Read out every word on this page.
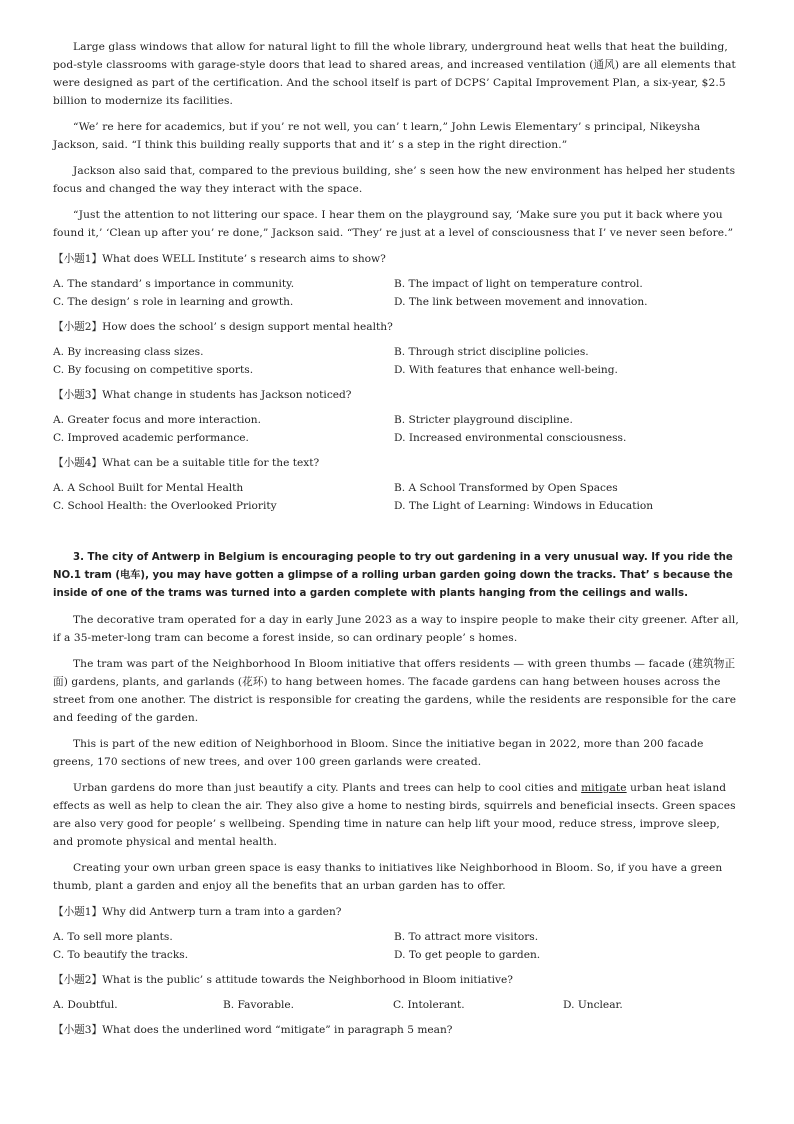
Large glass windows that allow for natural light to fill the whole library, underground heat wells that heat the building, pod-style classrooms with garage-style doors that lead to shared areas, and increased ventilation (通风) are all elements that were designed as part of the certification. And the school itself is part of DCPS’ Capital Improvement Plan, a six-year, $2.5 billion to modernize its facilities.

“We’ re here for academics, but if you’ re not well, you can’ t learn,” John Lewis Elementary’ s principal, Nikeysha Jackson, said. “I think this building really supports that and it’ s a step in the right direction.”

Jackson also said that, compared to the previous building, she’ s seen how the new environment has helped her students focus and changed the way they interact with the space.

“Just the attention to not littering our space. I hear them on the playground say, ‘Make sure you put it back where you found it,’ ‘Clean up after you’ re done,” Jackson said. “They’ re just at a level of consciousness that I’ ve never seen before.”

【小题1】What does WELL Institute’ s research aims to show?
A. The standard’ s importance in community.	B. The impact of light on temperature control.
C. The design’ s role in learning and growth.	D. The link between movement and innovation.
【小题2】How does the school’ s design support mental health?
A. By increasing class sizes.	B. Through strict discipline policies.
C. By focusing on competitive sports.	D. With features that enhance well-being.
【小题3】What change in students has Jackson noticed?
A. Greater focus and more interaction.	B. Stricter playground discipline.
C. Improved academic performance.	D. Increased environmental consciousness.
【小题4】What can be a suitable title for the text?
A. A School Built for Mental Health	B. A School Transformed by Open Spaces
C. School Health: the Overlooked Priority	D. The Light of Learning: Windows in Education

3. The city of Antwerp in Belgium is encouraging people to try out gardening in a very unusual way. If you ride the NO.1 tram (电车), you may have gotten a glimpse of a rolling urban garden going down the tracks. That’ s because the inside of one of the trams was turned into a garden complete with plants hanging from the ceilings and walls.

The decorative tram operated for a day in early June 2023 as a way to inspire people to make their city greener. After all, if a 35-meter-long tram can become a forest inside, so can ordinary people’ s homes.

The tram was part of the Neighborhood In Bloom initiative that offers residents — with green thumbs — facade (建筑物正面) gardens, plants, and garlands (花环) to hang between homes. The facade gardens can hang between houses across the street from one another. The district is responsible for creating the gardens, while the residents are responsible for the care and feeding of the garden.

This is part of the new edition of Neighborhood in Bloom. Since the initiative began in 2022, more than 200 facade greens, 170 sections of new trees, and over 100 green garlands were created.

Urban gardens do more than just beautify a city. Plants and trees can help to cool cities and mitigate urban heat island effects as well as help to clean the air. They also give a home to nesting birds, squirrels and beneficial insects. Green spaces are also very good for people’ s wellbeing. Spending time in nature can help lift your mood, reduce stress, improve sleep, and promote physical and mental health.

Creating your own urban green space is easy thanks to initiatives like Neighborhood in Bloom. So, if you have a green thumb, plant a garden and enjoy all the benefits that an urban garden has to offer.

【小题1】Why did Antwerp turn a tram into a garden?
A. To sell more plants.	B. To attract more visitors.
C. To beautify the tracks.	D. To get people to garden.
【小题2】What is the public’ s attitude towards the Neighborhood in Bloom initiative?
A. Doubtful.	B. Favorable.	C. Intolerant.	D. Unclear.
【小题3】What does the underlined word “mitigate” in paragraph 5 mean?
